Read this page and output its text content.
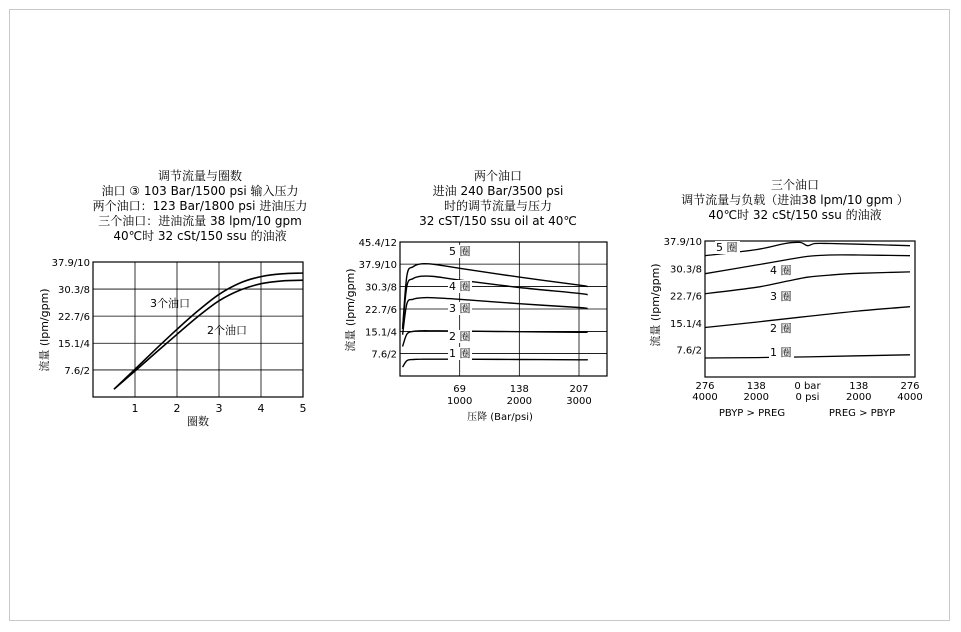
调节流量与圈数
油口 ③ 103 Bar/1500 psi 输入压力
两个油口：123 Bar/1800 psi 进油压力
三个油口：进油流量 38 lpm/10 gpm
40℃时 32 cSt/150 ssu 的油液
37.9/10
30.3/8
22.7/6
15.1/4
7.6/2
1	2	3	4	5
圈数
流量 (lpm/gpm)	3个油口
2个油口
两个油口
进油 240 Bar/3500 psi
时的调节流量与压力
32 cST/150 ssu oil at 40℃
45.4/12
37.9/10
30.3/8
22.7/6
15.1/4
7.6/2
69
1000
138
2000
207
3000
压降 (Bar/psi)
流量 (lpm/gpm)
5 圈
4 圈
3 圈
2 圈
1 圈
三个油口
调节流量与负载（进油38 lpm/10 gpm ）
40℃时 32 cSt/150 ssu 的油液
37.9/10
30.3/8
22.7/6
15.1/4
7.6/2
276
4000
138
2000
0 bar
0 psi
138
2000
276
4000
PBYP > PREG	PREG > PBYP
流量 (lpm/gpm)
5 圈
4 圈
3 圈
2 圈
1 圈
